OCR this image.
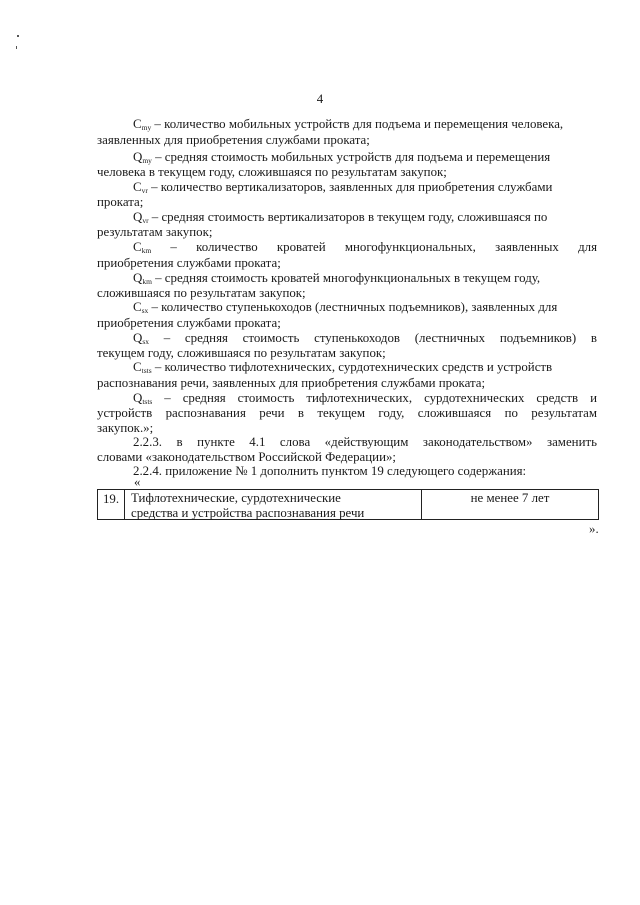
4
$C_{my}$ – количество мобильных устройств для подъема и перемещения человека,
заявленных для приобретения службами проката;
$Q_{my}$ – средняя стоимость мобильных устройств для подъема и перемещения
человека в текущем году, сложившаяся по результатам закупок;
$C_{vr}$ – количество вертикализаторов, заявленных для приобретения службами
проката;
$Q_{vr}$ – средняя стоимость вертикализаторов в текущем году, сложившаяся по
результатам закупок;
$C_{km}$ – количество кроватей многофункциональных, заявленных для
приобретения службами проката;
$Q_{km}$ – средняя стоимость кроватей многофункциональных в текущем году,
сложившаяся по результатам закупок;
$C_{sx}$ – количество ступенькоходов (лестничных подъемников), заявленных для
приобретения службами проката;
$Q_{sx}$ – средняя стоимость ступенькоходов (лестничных подъемников) в
текущем году, сложившаяся по результатам закупок;
$C_{tsts}$ – количество тифлотехнических, сурдотехнических средств и устройств
распознавания речи, заявленных для приобретения службами проката;
$Q_{tsts}$ – средняя стоимость тифлотехнических, сурдотехнических средств и
устройств распознавания речи в текущем году, сложившаяся по результатам
закупок.»;
2.2.3. в пункте 4.1 слова «действующим законодательством» заменить
словами «законодательством Российской Федерации»;
2.2.4. приложение № 1 дополнить пунктом 19 следующего содержания:
«
19. Тифлотехнические, сурдотехнические
средства и устройства распознавания речи
не менее 7 лет
».
